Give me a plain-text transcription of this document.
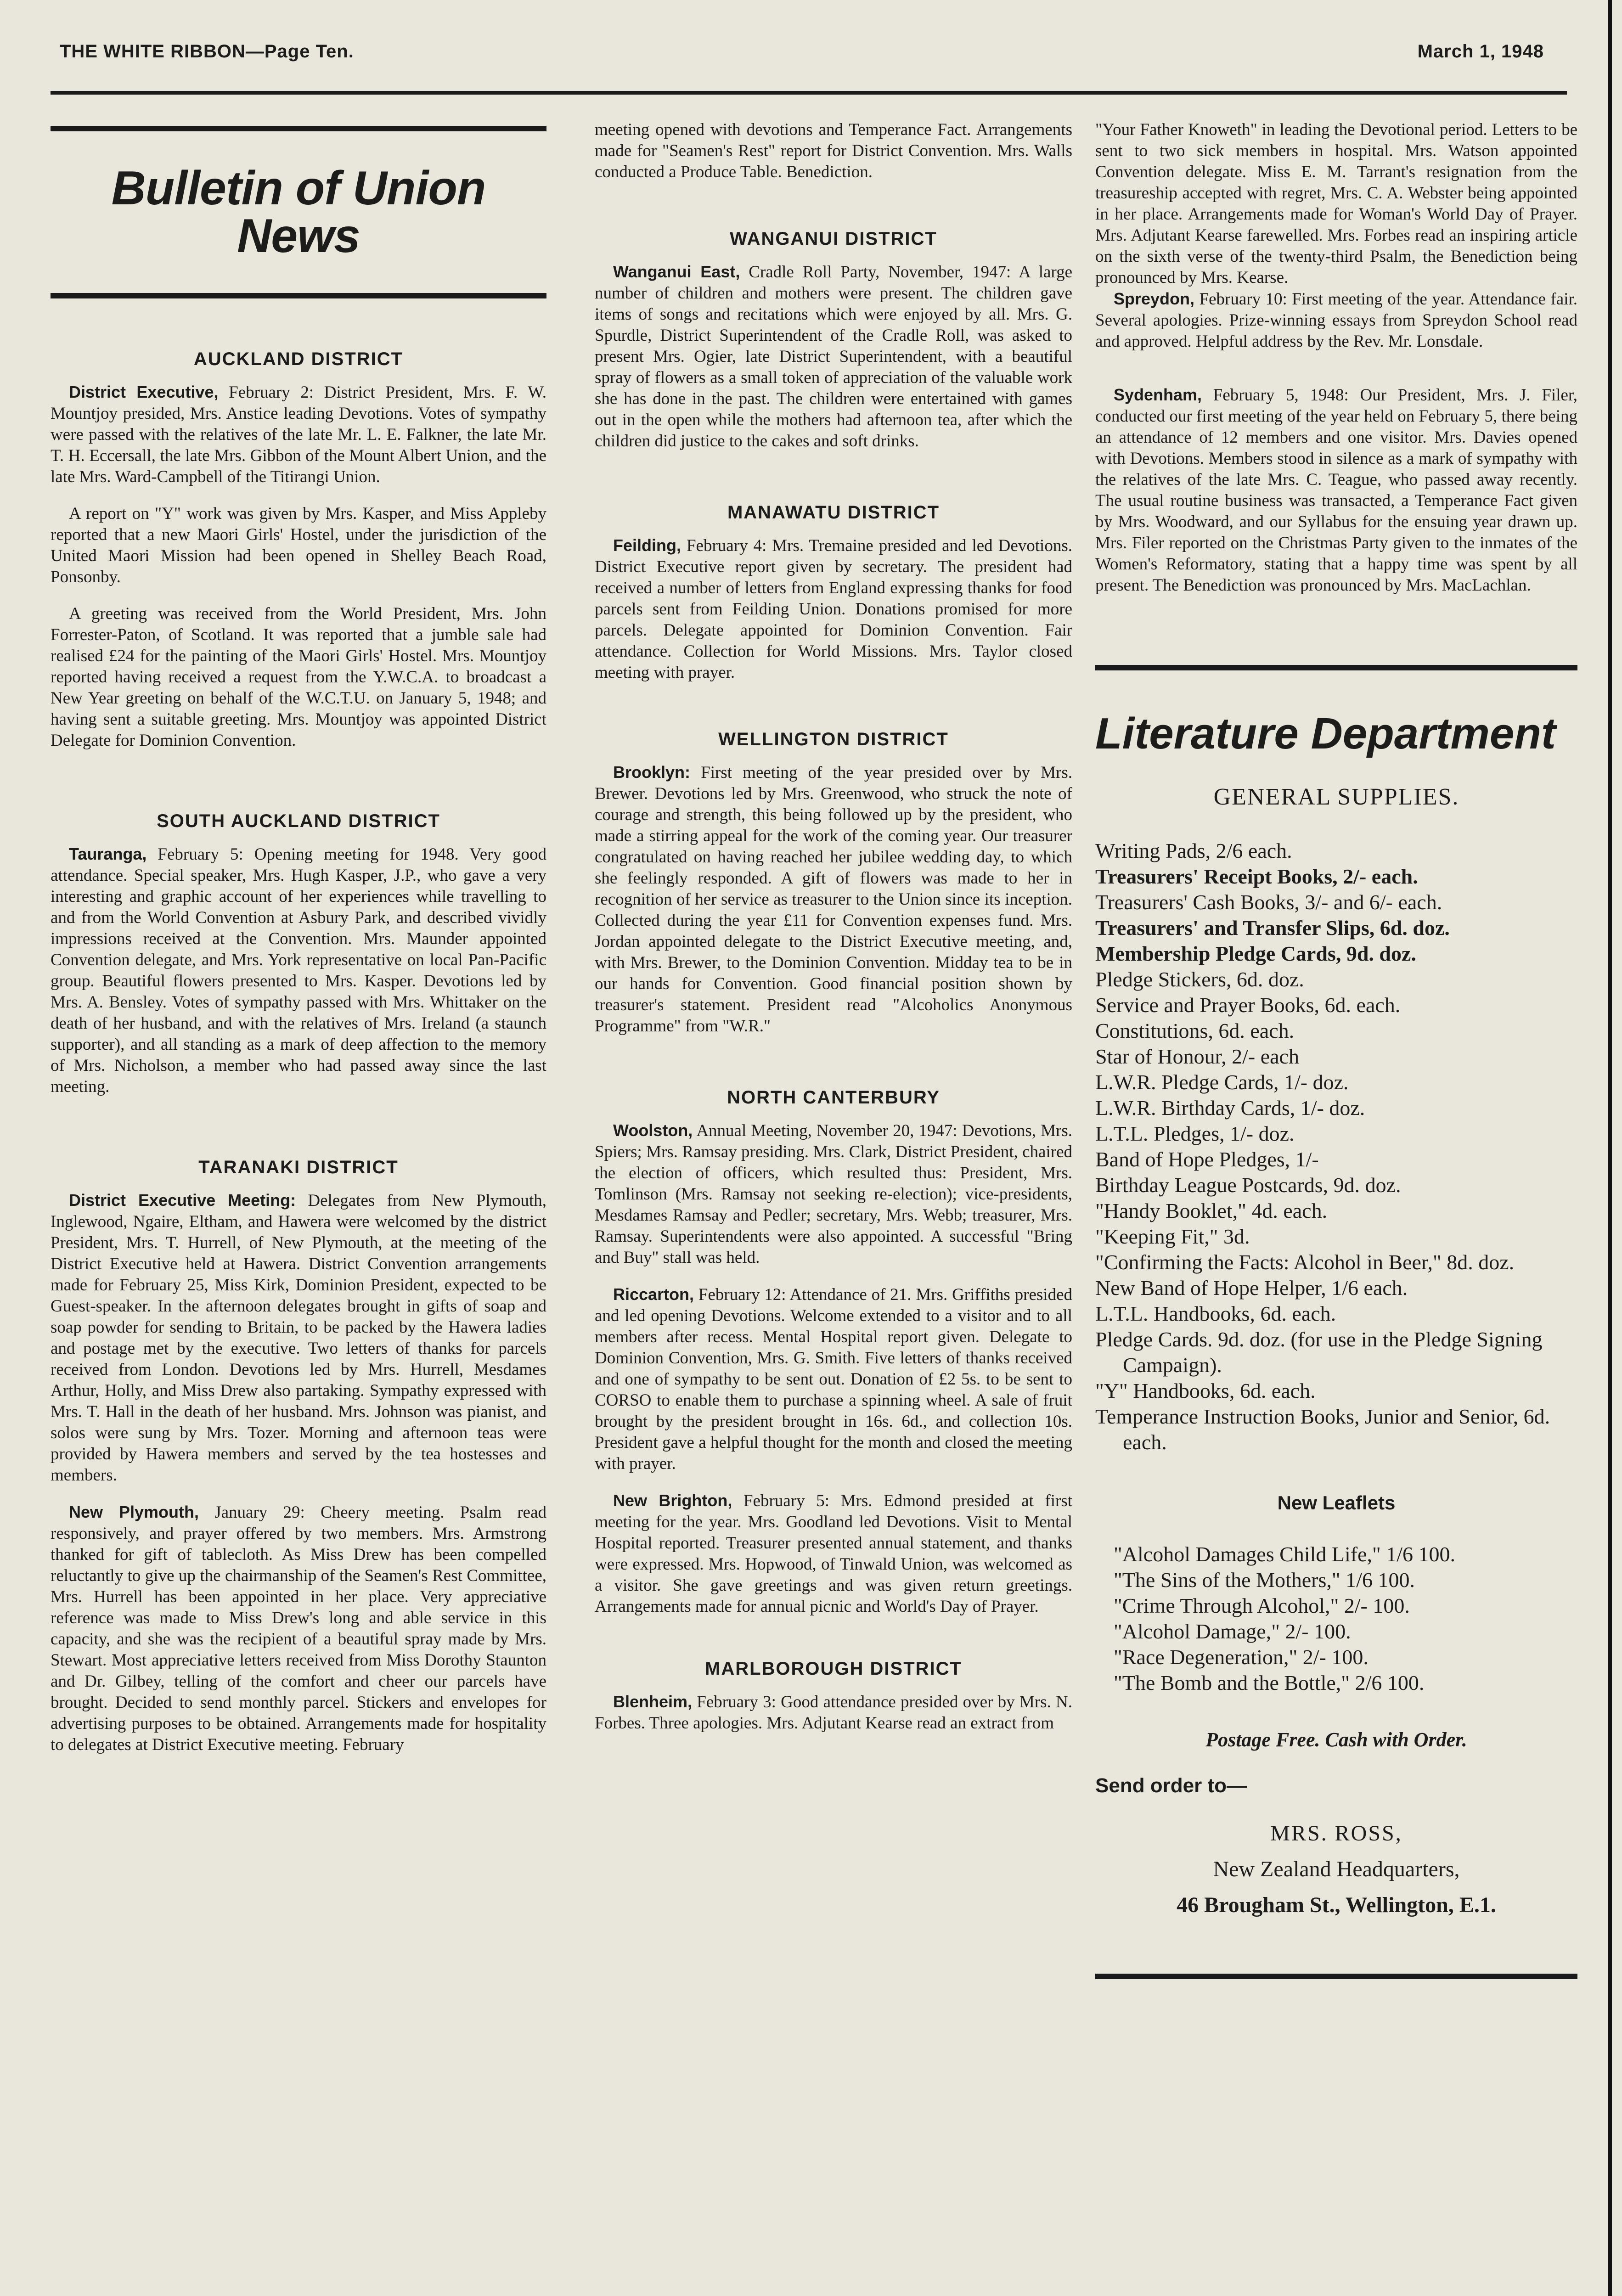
THE WHITE RIBBON—Page Ten.	March 1, 1948
Bulletin of Union News
AUCKLAND DISTRICT

District Executive, February 2: District President, Mrs. F. W. Mountjoy presided, Mrs. Anstice leading Devotions. Votes of sympathy were passed with the relatives of the late Mr. L. E. Falkner, the late Mr. T. H. Eccersall, the late Mrs. Gibbon of the Mount Albert Union, and the late Mrs. Ward-Campbell of the Titirangi Union.

A report on "Y" work was given by Mrs. Kasper, and Miss Appleby reported that a new Maori Girls' Hostel, under the jurisdiction of the United Maori Mission had been opened in Shelley Beach Road, Ponsonby.

A greeting was received from the World President, Mrs. John Forrester-Paton, of Scotland. It was reported that a jumble sale had realised £24 for the painting of the Maori Girls' Hostel. Mrs. Mountjoy reported having received a request from the Y.W.C.A. to broadcast a New Year greeting on behalf of the W.C.T.U. on January 5, 1948; and having sent a suitable greeting. Mrs. Mountjoy was appointed District Delegate for Dominion Convention.

SOUTH AUCKLAND DISTRICT

Tauranga, February 5: Opening meeting for 1948. Very good attendance. Special speaker, Mrs. Hugh Kasper, J.P., who gave a very interesting and graphic account of her experiences while travelling to and from the World Convention at Asbury Park, and described vividly impressions received at the Convention. Mrs. Maunder appointed Convention delegate, and Mrs. York representative on local Pan-Pacific group. Beautiful flowers presented to Mrs. Kasper. Devotions led by Mrs. A. Bensley. Votes of sympathy passed with Mrs. Whittaker on the death of her husband, and with the relatives of Mrs. Ireland (a staunch supporter), and all standing as a mark of deep affection to the memory of Mrs. Nicholson, a member who had passed away since the last meeting.

TARANAKI DISTRICT

District Executive Meeting: Delegates from New Plymouth, Inglewood, Ngaire, Eltham, and Hawera were welcomed by the district President, Mrs. T. Hurrell, of New Plymouth, at the meeting of the District Executive held at Hawera. District Convention arrangements made for February 25, Miss Kirk, Dominion President, expected to be Guest-speaker. In the afternoon delegates brought in gifts of soap and soap powder for sending to Britain, to be packed by the Hawera ladies and postage met by the executive. Two letters of thanks for parcels received from London. Devotions led by Mrs. Hurrell, Mesdames Arthur, Holly, and Miss Drew also partaking. Sympathy expressed with Mrs. T. Hall in the death of her husband. Mrs. Johnson was pianist, and solos were sung by Mrs. Tozer. Morning and afternoon teas were provided by Hawera members and served by the tea hostesses and members.

New Plymouth, January 29: Cheery meeting. Psalm read responsively, and prayer offered by two members. Mrs. Armstrong thanked for gift of tablecloth. As Miss Drew has been compelled reluctantly to give up the chairmanship of the Seamen's Rest Committee, Mrs. Hurrell has been appointed in her place. Very appreciative reference was made to Miss Drew's long and able service in this capacity, and she was the recipient of a beautiful spray made by Mrs. Stewart. Most appreciative letters received from Miss Dorothy Staunton and Dr. Gilbey, telling of the comfort and cheer our parcels have brought. Decided to send monthly parcel. Stickers and envelopes for advertising purposes to be obtained. Arrangements made for hospitality to delegates at District Executive meeting. February

meeting opened with devotions and Temperance Fact. Arrangements made for "Seamen's Rest" report for District Convention. Mrs. Walls conducted a Produce Table. Benediction.

WANGANUI DISTRICT

Wanganui East, Cradle Roll Party, November, 1947: A large number of children and mothers were present. The children gave items of songs and recitations which were enjoyed by all. Mrs. G. Spurdle, District Superintendent of the Cradle Roll, was asked to present Mrs. Ogier, late District Superintendent, with a beautiful spray of flowers as a small token of appreciation of the valuable work she has done in the past. The children were entertained with games out in the open while the mothers had afternoon tea, after which the children did justice to the cakes and soft drinks.

MANAWATU DISTRICT

Feilding, February 4: Mrs. Tremaine presided and led Devotions. District Executive report given by secretary. The president had received a number of letters from England expressing thanks for food parcels sent from Feilding Union. Donations promised for more parcels. Delegate appointed for Dominion Convention. Fair attendance. Collection for World Missions. Mrs. Taylor closed meeting with prayer.

WELLINGTON DISTRICT

Brooklyn: First meeting of the year presided over by Mrs. Brewer. Devotions led by Mrs. Greenwood, who struck the note of courage and strength, this being followed up by the president, who made a stirring appeal for the work of the coming year. Our treasurer congratulated on having reached her jubilee wedding day, to which she feelingly responded. A gift of flowers was made to her in recognition of her service as treasurer to the Union since its inception. Collected during the year £11 for Convention expenses fund. Mrs. Jordan appointed delegate to the District Executive meeting, and, with Mrs. Brewer, to the Dominion Convention. Midday tea to be in our hands for Convention. Good financial position shown by treasurer's statement. President read "Alcoholics Anonymous Programme" from "W.R."

NORTH CANTERBURY

Woolston, Annual Meeting, November 20, 1947: Devotions, Mrs. Spiers; Mrs. Ramsay presiding. Mrs. Clark, District President, chaired the election of officers, which resulted thus: President, Mrs. Tomlinson (Mrs. Ramsay not seeking re-election); vice-presidents, Mesdames Ramsay and Pedler; secretary, Mrs. Webb; treasurer, Mrs. Ramsay. Superintendents were also appointed. A successful "Bring and Buy" stall was held.

Riccarton, February 12: Attendance of 21. Mrs. Griffiths presided and led opening Devotions. Welcome extended to a visitor and to all members after recess. Mental Hospital report given. Delegate to Dominion Convention, Mrs. G. Smith. Five letters of thanks received and one of sympathy to be sent out. Donation of £2 5s. to be sent to CORSO to enable them to purchase a spinning wheel. A sale of fruit brought by the president brought in 16s. 6d., and collection 10s. President gave a helpful thought for the month and closed the meeting with prayer.

New Brighton, February 5: Mrs. Edmond presided at first meeting for the year. Mrs. Goodland led Devotions. Visit to Mental Hospital reported. Treasurer presented annual statement, and thanks were expressed. Mrs. Hopwood, of Tinwald Union, was welcomed as a visitor. She gave greetings and was given return greetings. Arrangements made for annual picnic and World's Day of Prayer.

MARLBOROUGH DISTRICT

Blenheim, February 3: Good attendance presided over by Mrs. N. Forbes. Three apologies. Mrs. Adjutant Kearse read an extract from

"Your Father Knoweth" in leading the Devotional period. Letters to be sent to two sick members in hospital. Mrs. Watson appointed Convention delegate. Miss E. M. Tarrant's resignation from the treasureship accepted with regret, Mrs. C. A. Webster being appointed in her place. Arrangements made for Woman's World Day of Prayer. Mrs. Adjutant Kearse farewelled. Mrs. Forbes read an inspiring article on the sixth verse of the twenty-third Psalm, the Benediction being pronounced by Mrs. Kearse.

Spreydon, February 10: First meeting of the year. Attendance fair. Several apologies. Prize-winning essays from Spreydon School read and approved. Helpful address by the Rev. Mr. Lonsdale.

Sydenham, February 5, 1948: Our President, Mrs. J. Filer, conducted our first meeting of the year held on February 5, there being an attendance of 12 members and one visitor. Mrs. Davies opened with Devotions. Members stood in silence as a mark of sympathy with the relatives of the late Mrs. C. Teague, who passed away recently. The usual routine business was transacted, a Temperance Fact given by Mrs. Woodward, and our Syllabus for the ensuing year drawn up. Mrs. Filer reported on the Christmas Party given to the inmates of the Women's Reformatory, stating that a happy time was spent by all present. The Benediction was pronounced by Mrs. MacLachlan.

Literature Department
GENERAL SUPPLIES.

Writing Pads, 2/6 each.

Treasurers' Receipt Books, 2/- each.

Treasurers' Cash Books, 3/- and 6/- each.

Treasurers' and Transfer Slips, 6d. doz.

Membership Pledge Cards, 9d. doz.

Pledge Stickers, 6d. doz.

Service and Prayer Books, 6d. each.

Constitutions, 6d. each.

Star of Honour, 2/- each

L.W.R. Pledge Cards, 1/- doz.

L.W.R. Birthday Cards, 1/- doz.

L.T.L. Pledges, 1/- doz.

Band of Hope Pledges, 1/-

Birthday League Postcards, 9d. doz.

"Handy Booklet," 4d. each.

"Keeping Fit," 3d.

"Confirming the Facts: Alcohol in Beer," 8d. doz.

New Band of Hope Helper, 1/6 each.

L.T.L. Handbooks, 6d. each.

Pledge Cards. 9d. doz. (for use in the Pledge Signing Campaign).

"Y" Handbooks, 6d. each.

Temperance Instruction Books, Junior and Senior, 6d. each.

New Leaflets

"Alcohol Damages Child Life," 1/6 100.

"The Sins of the Mothers," 1/6 100.

"Crime Through Alcohol," 2/- 100.

"Alcohol Damage," 2/- 100.

"Race Degeneration," 2/- 100.

"The Bomb and the Bottle," 2/6 100.

Postage Free. Cash with Order.
Send order to—
MRS. ROSS,
New Zealand Headquarters,
46 Brougham St., Wellington, E.1.
